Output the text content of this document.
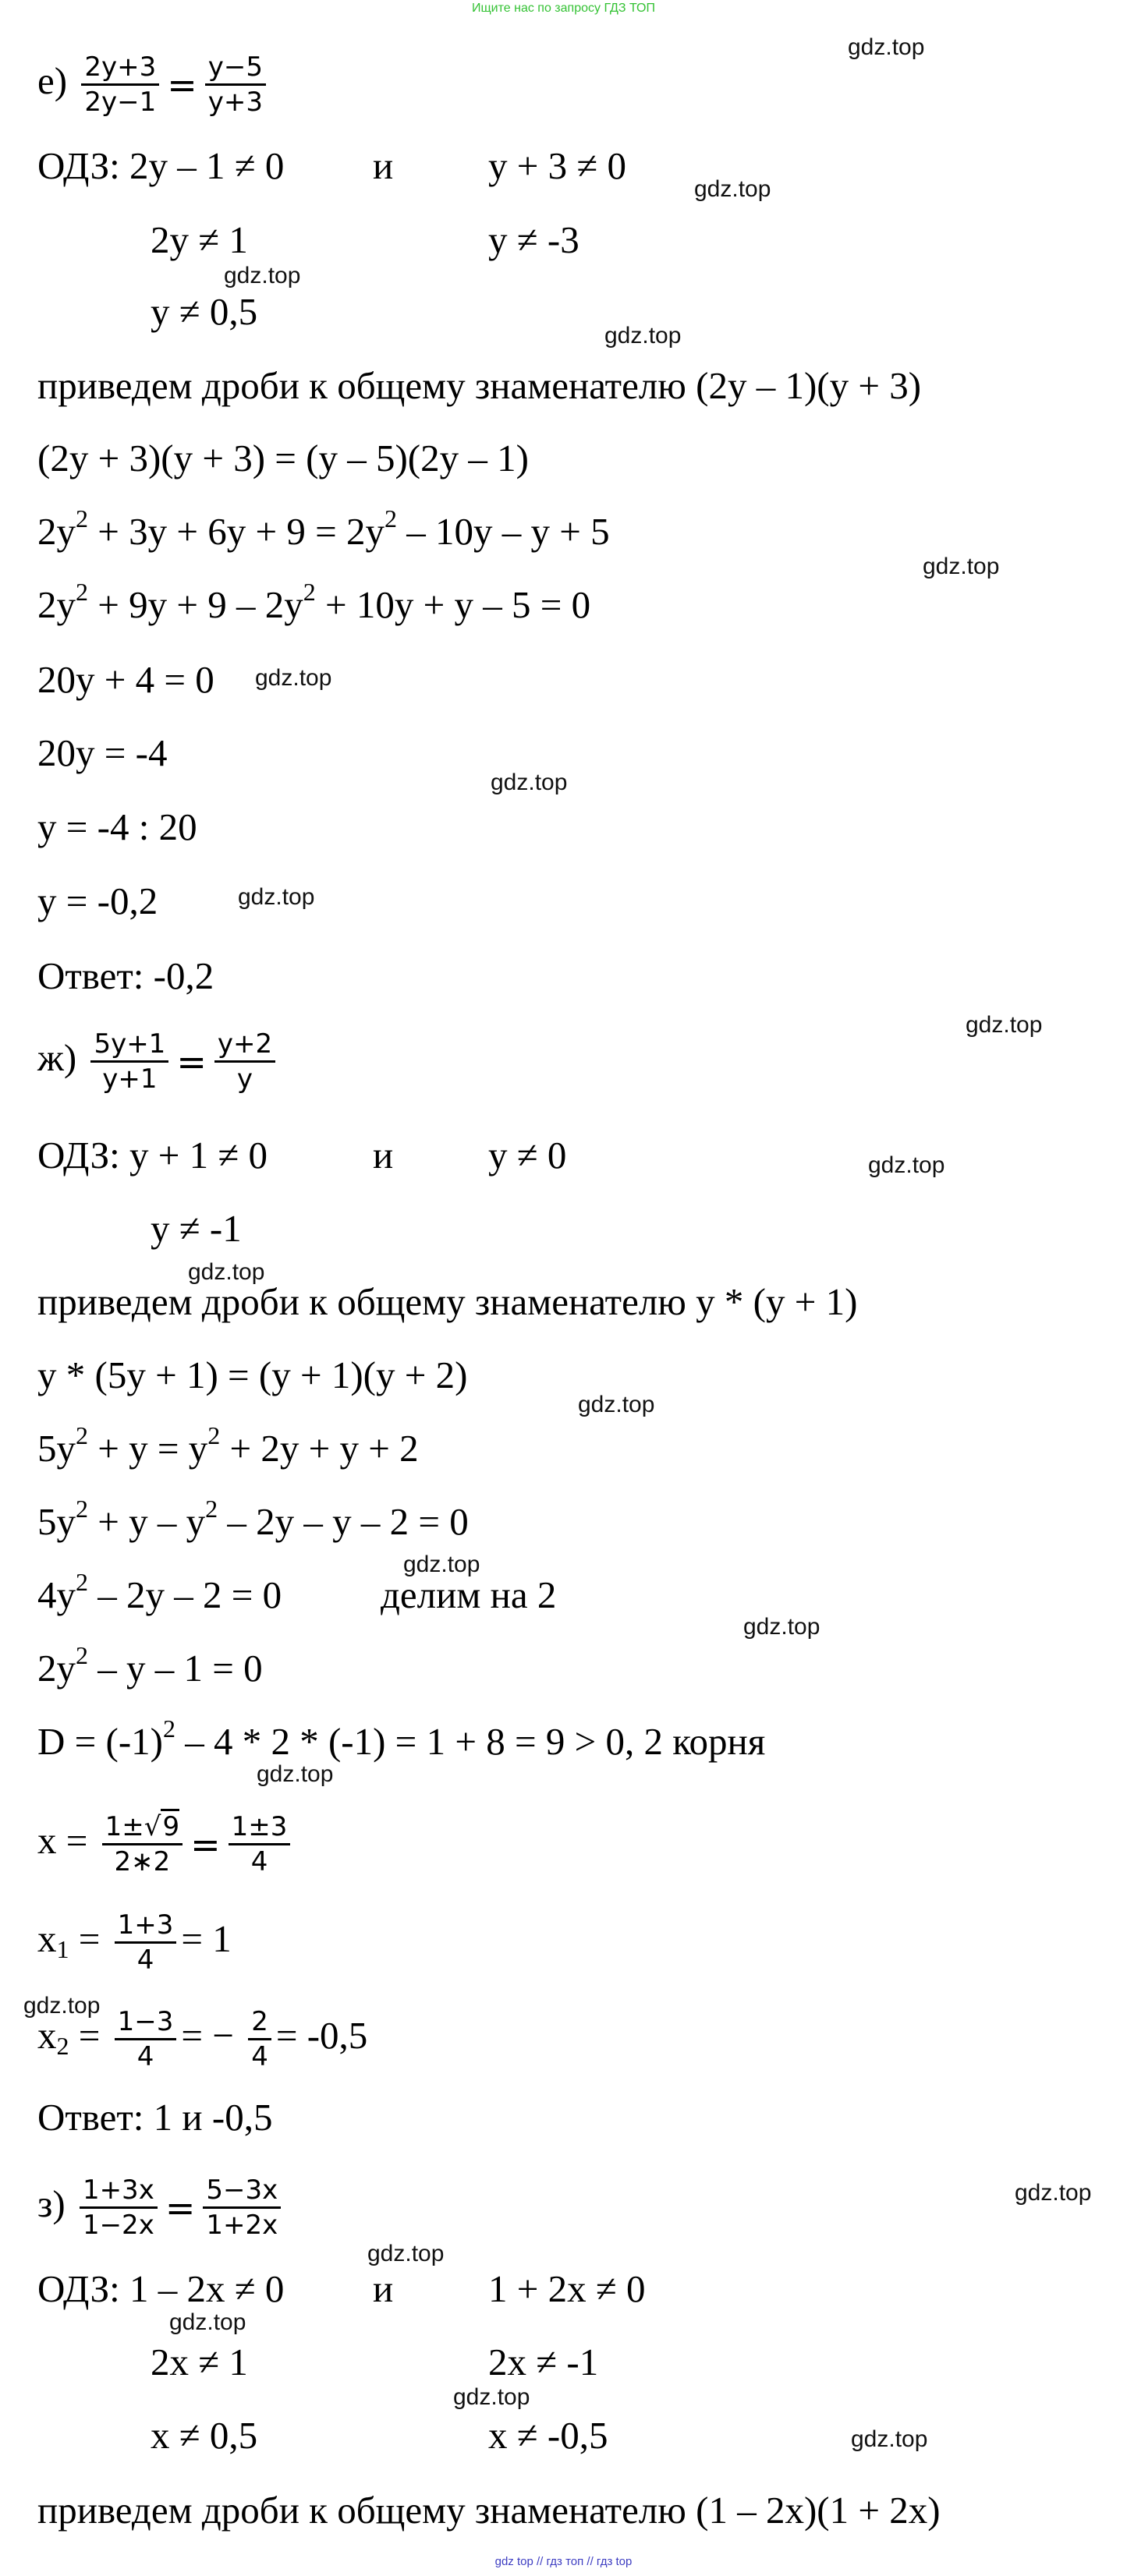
Ищите нас по запросу ГДЗ ТОП
$е) \frac{2y+3}{2y-1} = \frac{y-5}{y+3}$
ОДЗ: 2y – 1 ≠ 0 и y + 3 ≠ 0
2y ≠ 1	y ≠ -3
y ≠ 0,5
приведем дроби к общему знаменателю (2y – 1)(y + 3)
(2y + 3)(y + 3) = (y – 5)(2y – 1)
$2y^2 + 3y + 6y + 9 = 2y^2 - 10y - y + 5$
$2y^2 + 9y + 9 - 2y^2 + 10y + y - 5 = 0$
20y + 4 = 0
20y = -4
y = -4 : 20
y = -0,2
Ответ: -0,2
$ж) \frac{5y+1}{y+1} = \frac{y+2}{y}$
ОДЗ: y + 1 ≠ 0	и y ≠ 0
y ≠ -1
приведем дроби к общему знаменателю y * (y + 1)
y * (5y + 1) = (y + 1)(y + 2)
$5y^2 + y = y^2 + 2y + y + 2$
$5y^2 + y - y^2 - 2y - y - 2 = 0$
$4y^2 - 2y - 2 = 0$	делим на 2
$2y^2 - y - 1 = 0$
$D = (-1)^2 - 4 * 2 * (-1) = 1 + 8 = 9 > 0$, 2 корня
$x = \frac{1\pm√9}{2∗2} = \frac{1\pm 3}{4}$
$x_1 = \frac{1+3}{4} = 1$
$x_2 = \frac{1-3}{4}$ = − $\frac{2}{4} = -0,5$
Ответ: 1 и -0,5
$з) \frac{1+3x}{1-2x} = \frac{5-3x}{1+2x}$
ОДЗ: 1 – 2x ≠ 0 и 1 + 2x ≠ 0
2x ≠ 1	2x ≠ -1
x ≠ 0,5	x ≠ -0,5
приведем дроби к общему знаменателю (1 – 2x)(1 + 2x)
gdz.top
gdz.top
gdz.top
gdz.top
gdz.top
gdz.top
gdz.top
gdz.top
gdz.top
gdz.top
gdz.top
gdz.top
gdz.top
gdz.top
gdz.top
gdz.top
gdz.top
gdz.top
gdz.top
gdz.top
gdz.top
gdz top // гдз топ // гдз top
